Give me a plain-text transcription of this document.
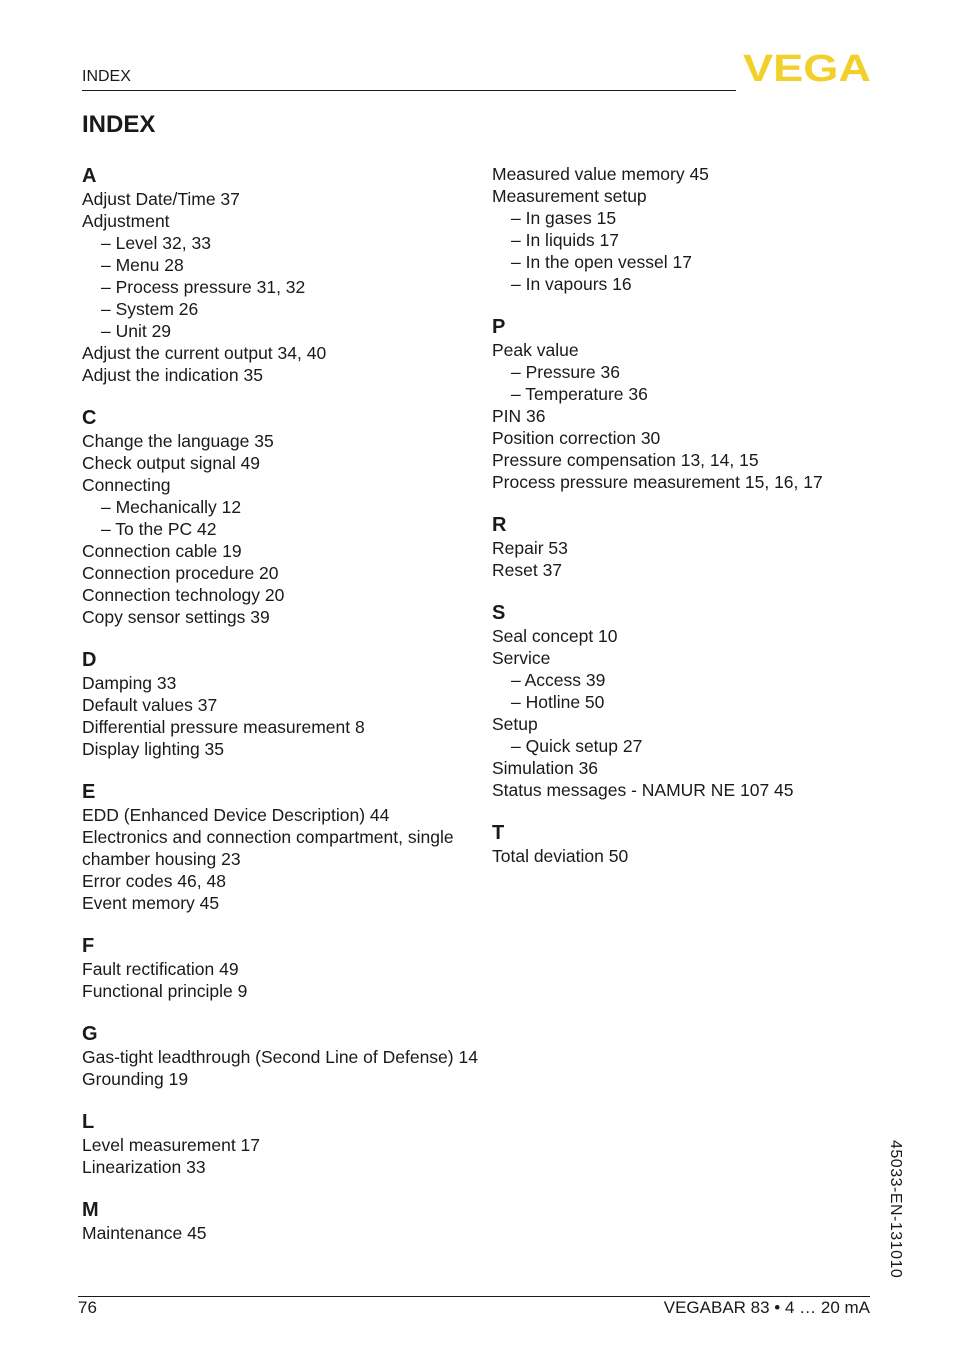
INDEX	VEGA
INDEX
A
Adjust Date/Time 37
Adjustment
– Level 32, 33
– Menu 28
– Process pressure 31, 32
– System 26
– Unit 29
Adjust the current output 34, 40
Adjust the indication 35
C
Change the language 35
Check output signal 49
Connecting
– Mechanically 12
– To the PC 42
Connection cable 19
Connection procedure 20
Connection technology 20
Copy sensor settings 39
D
Damping 33
Default values 37
Differential pressure measurement 8
Display lighting 35
E
EDD (Enhanced Device Description) 44
Electronics and connection compartment, single chamber housing 23
Error codes 46, 48
Event memory 45
F
Fault rectification 49
Functional principle 9
G
Gas-tight leadthrough (Second Line of Defense) 14
Grounding 19
L
Level measurement 17
Linearization 33
M
Maintenance 45
Measured value memory 45
Measurement setup
– In gases 15
– In liquids 17
– In the open vessel 17
– In vapours 16
P
Peak value
– Pressure 36
– Temperature 36
PIN 36
Position correction 30
Pressure compensation 13, 14, 15
Process pressure measurement 15, 16, 17
R
Repair 53
Reset 37
S
Seal concept 10
Service
– Access 39
– Hotline 50
Setup
– Quick setup 27
Simulation 36
Status messages - NAMUR NE 107 45
T
Total deviation 50
76	VEGABAR 83 • 4 … 20 mA
45033-EN-131010
